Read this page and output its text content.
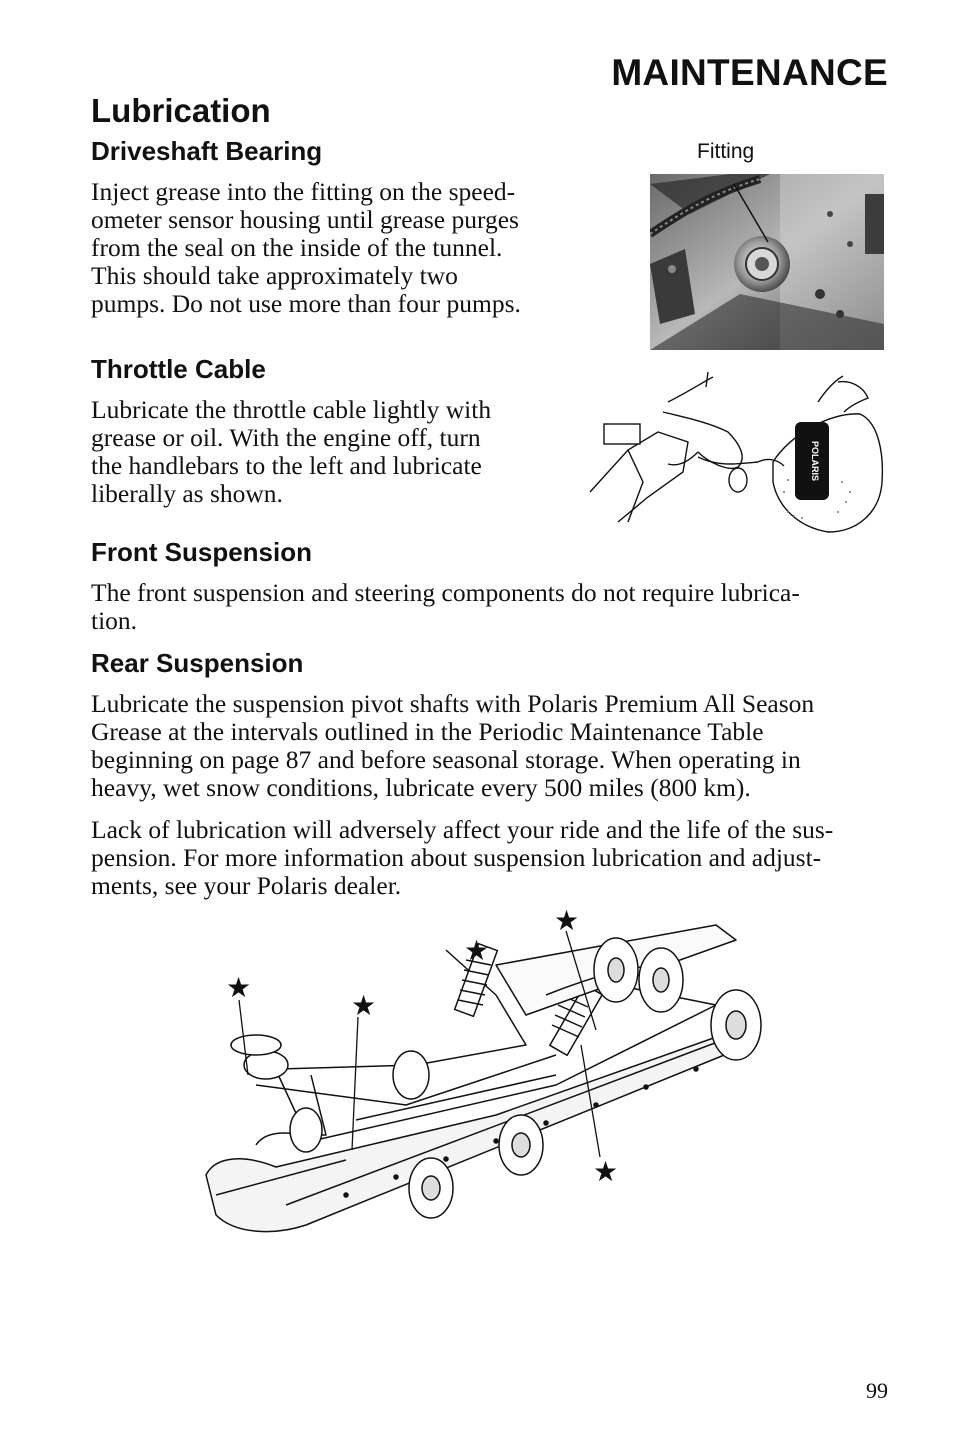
MAINTENANCE
Lubrication
Driveshaft Bearing
Inject grease into the fitting on the speed-
ometer sensor housing until grease purges
from the seal on the inside of the tunnel.
This should take approximately two
pumps. Do not use more than four pumps.
Fitting
Throttle Cable
Lubricate the throttle cable lightly with
grease or oil. With the engine off, turn
the handlebars to the left and lubricate
liberally as shown.
POLARIS
Front Suspension
The front suspension and steering components do not require lubrica-
tion.
Rear Suspension
Lubricate the suspension pivot shafts with Polaris Premium All Season
Grease at the intervals outlined in the Periodic Maintenance Table
beginning on page 87 and before seasonal storage. When operating in
heavy, wet snow conditions, lubricate every 500 miles (800 km).
Lack of lubrication will adversely affect your ride and the life of the sus-
pension. For more information about suspension lubrication and adjust-
ments, see your Polaris dealer.
★
★
★
★
★
99
